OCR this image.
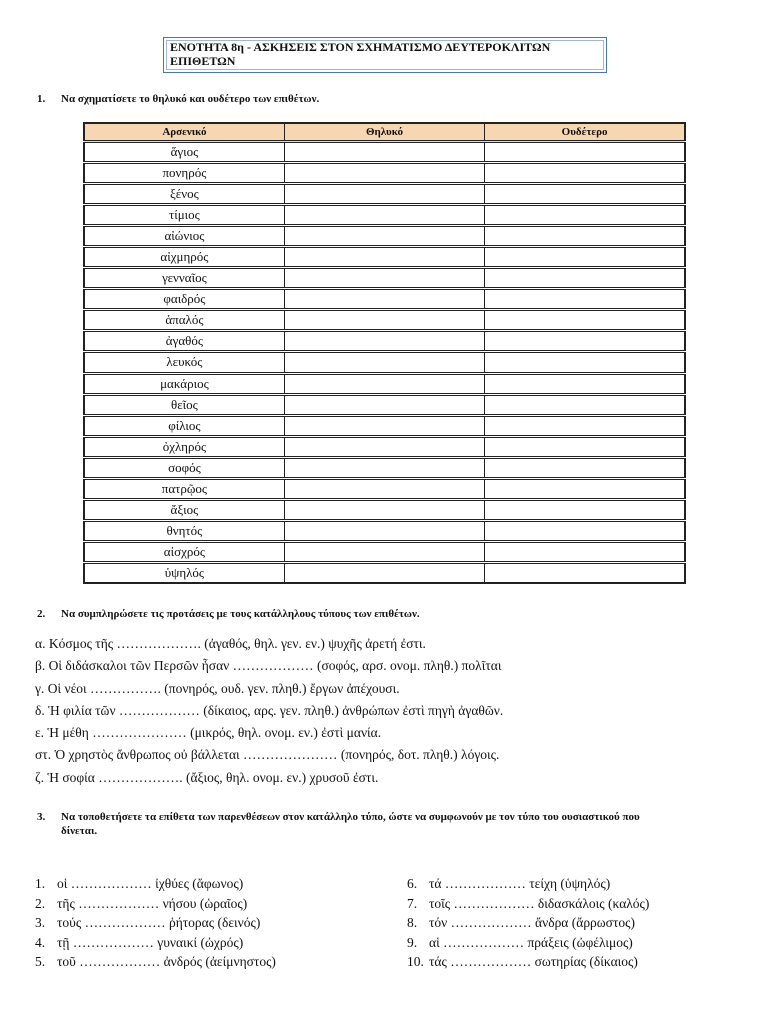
ΕΝΟΤΗΤΑ 8η - ΑΣΚΗΣΕΙΣ ΣΤΟΝ ΣΧΗΜΑΤΙΣΜΟ ΔΕΥΤΕΡΟΚΛΙΤΩΝ ΕΠΙΘΕΤΩΝ
1. Να σχηματίσετε το θηλυκό και ουδέτερο των επιθέτων.
Αρσενικό	Θηλυκό	Ουδέτερο
ἅγιος		
πονηρός		
ξένος		
τίμιος		
αἰώνιος		
αἰχμηρός		
γενναῖος		
φαιδρός		
ἁπαλός		
ἀγαθός		
λευκός		
μακάριος		
θεῖος		
φίλιος		
ὀχληρός		
σοφός		
πατρῷος		
ἄξιος		
θνητός		
αἰσχρός		
ὑψηλός		
2. Να συμπληρώσετε τις προτάσεις με τους κατάλληλους τύπους των επιθέτων.
α. Κόσμος τῆς ………………. (ἀγαθός, θηλ. γεν. εν.) ψυχῆς ἀρετή ἐστι.
β. Οἱ διδάσκαλοι τῶν Περσῶν ἦσαν ……………… (σοφός, αρσ. ονομ. πληθ.) πολῖται
γ. Οἱ νέοι ……………. (πονηρός, ουδ. γεν. πληθ.) ἔργων ἀπέχουσι.
δ. Ἡ φιλία τῶν ……………… (δίκαιος, αρς. γεν. πληθ.) ἀνθρώπων ἐστὶ πηγὴ ἀγαθῶν.
ε. Ἡ μέθη ………………… (μικρός, θηλ. ονομ. εν.) ἐστὶ μανία.
στ. Ὁ χρηστὸς ἄνθρωπος οὐ βάλλεται ………………… (πονηρός, δοτ. πληθ.) λόγοις.
ζ. Ἡ σοφία ………………. (ἄξιος, θηλ. ονομ. εν.) χρυσοῦ ἐστι.
3. Να τοποθετήσετε τα επίθετα των παρενθέσεων στον κατάλληλο τύπο, ώστε να συμφωνούν με τον τύπο του ουσιαστικού που
δίνεται.
1. οἱ ……………… ἰχθύες (ἄφωνος)
2. τῆς ……………… νήσου (ὡραῖος)
3. τούς ……………… ῥήτορας (δεινός)
4. τῇ ……………… γυναικί (ὠχρός)
5. τοῦ ……………… ἀνδρός (ἀείμνηστος)
6. τά ……………… τείχη (ὑψηλός)
7. τοῖς ……………… διδασκάλοις (καλός)
8. τόν ……………… ἄνδρα (ἄρρωστος)
9. αἱ ……………… πράξεις (ὠφέλιμος)
10. τάς ……………… σωτηρίας (δίκαιος)
